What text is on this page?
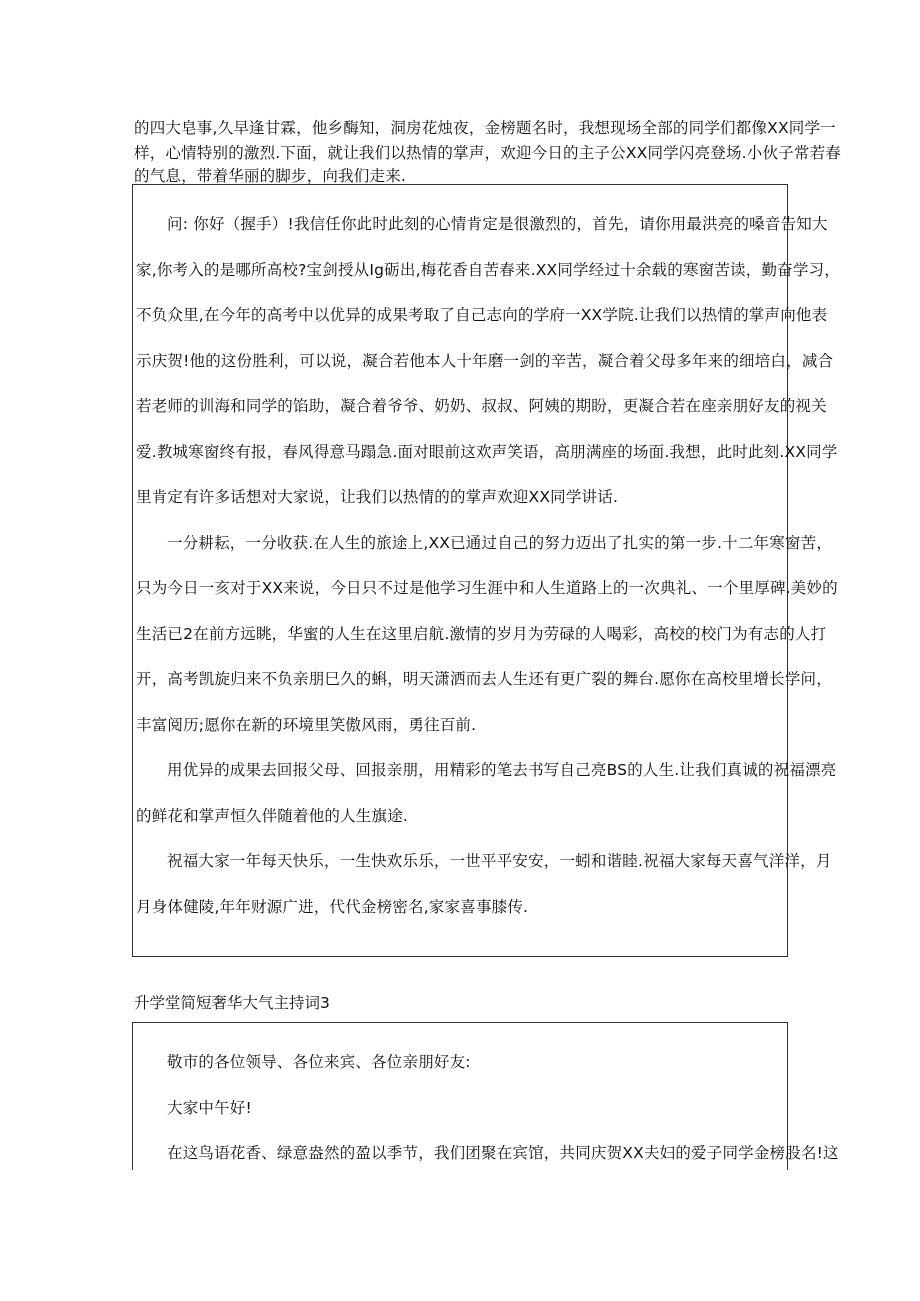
的四大皂事,久早逢甘霖，他乡酶知，洞房花烛夜，金榜题名时，我想现场全部的同学们都像XX同学一
样，心情特别的激烈.下面，就让我们以热情的掌声，欢迎今日的主子公XX同学闪亮登场.小伙子常若春
的气息，带着华丽的脚步，向我们走来.
问: 你好（握手）!我信任你此时此刻的心情肯定是很激烈的，首先，请你用最洪亮的嗓音告知大
家,你考入的是哪所高校?宝剑授从Ig砺出,梅花香自苦春来.XX同学经过十余载的寒窗苦读，勤奋学习，
不负众里,在今年的高考中以优异的成果考取了自己志向的学府一XX学院.让我们以热情的掌声向他表
示庆贺!他的这份胜利，可以说，凝合若他本人十年磨一剑的辛苦，凝合着父母多年来的细培白，减合
若老师的训海和同学的馅助，凝合着爷爷、奶奶、叔叔、阿姨的期盼，更凝合若在座亲朋好友的视关
爱.教城寒窗终有报，春风得意马蹋急.面对眼前这欢声笑语，高朋满座的场面.我想，此时此刻.XX同学
里肯定有许多话想对大家说，让我们以热情的的掌声欢迎XX同学讲话.
一分耕耘，一分收获.在人生的旅途上,XX已通过自己的努力迈出了扎实的第一步.十二年寒窗苦，
只为今日一亥对于XX来说，今日只不过是他学习生涯中和人生道路上的一次典礼、一个里厚碑.美妙的
生活已2在前方远眺，华蜜的人生在这里启航.激情的岁月为劳碌的人喝彩，高校的校门为有志的人打
开，高考凯旋归来不负亲朋巳久的蝌，明天潇洒而去人生还有更广裂的舞台.愿你在高校里增长学问，
丰富阅历;愿你在新的环境里笑傲风雨，勇往百前.
用优异的成果去回报父母、回报亲朋，用精彩的笔去书写自己亮BS的人生.让我们真诚的祝福漂亮
的鲜花和掌声恒久伴随着他的人生旗途.
祝福大家一年每天快乐，一生快欢乐乐，一世平平安安，一蚓和谐睦.祝福大家每天喜气洋洋，月
月身体健陵,年年财源广进，代代金榜密名,家家喜事膝传.
升学堂简短奢华大气主持词3
敬市的各位领导、各位来宾、各位亲朋好友:
大家中午好!
在这鸟语花香、绿意盎然的盈以季节，我们团聚在宾馆，共同庆贺XX夫妇的爱子同学金榜股名!这
